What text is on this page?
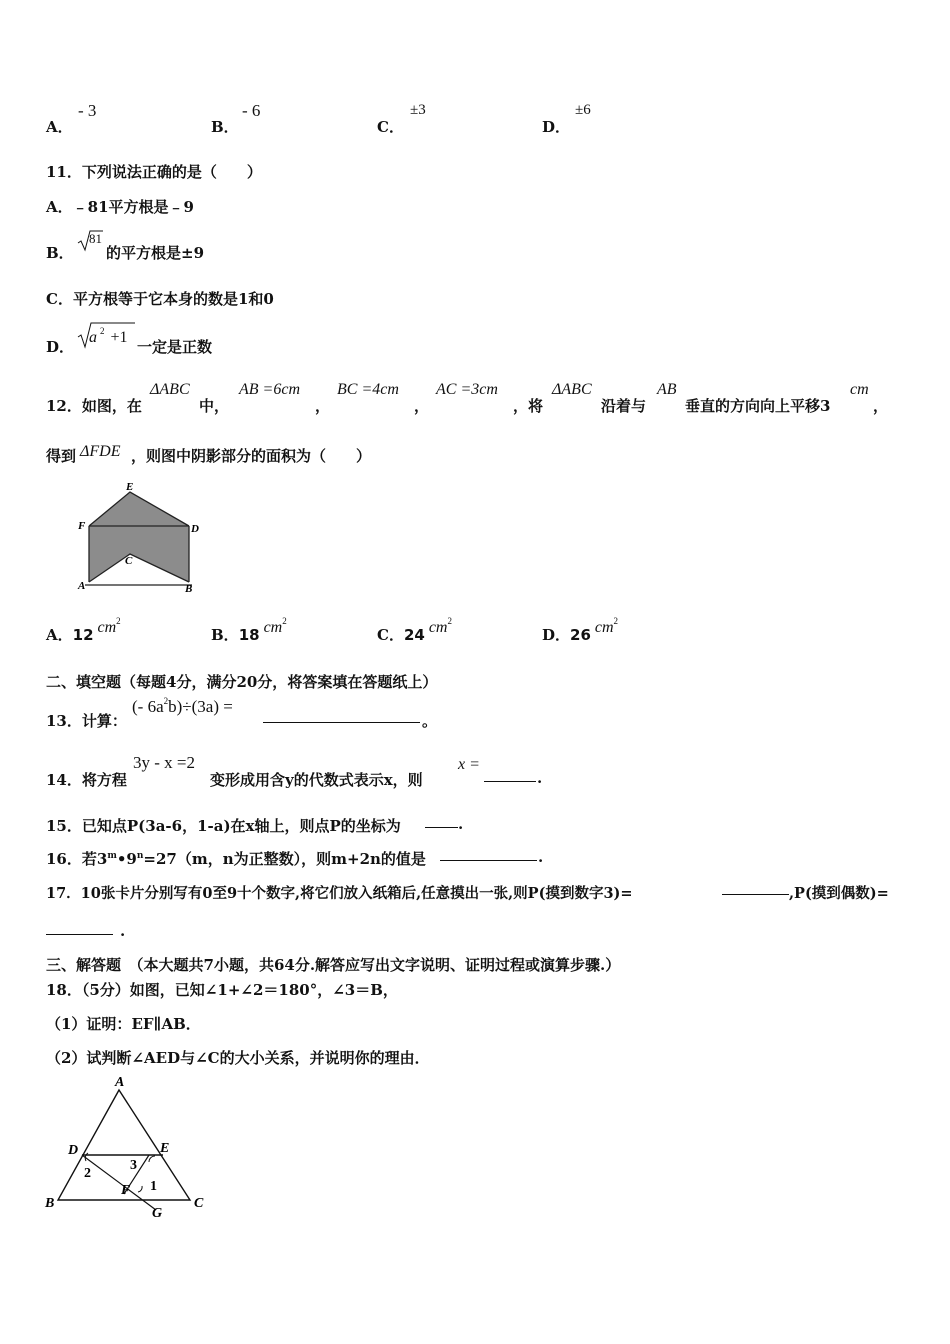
A．
- 3
B．
- 6
C．
±3
D．
±6
11．下列说法正确的是（　　）
A．﹣81平方根是﹣9
B．
81
的平方根是±9
C．平方根等于它本身的数是1和0
D．
a $^2$ +1
一定是正数
12．如图，在
ΔABC
中，
AB =6cm
，
BC =4cm
，
AC =3cm
，将
ΔABC
沿着与
AB
垂直的方向向上平移3
cm
，
得到 ΔFDE ，则图中阴影部分的面积为（　　）
E
F	D
C
A	B
A．12 $cm^2$
B．18 $cm^2$
C．24 $cm^2$
D．26 $cm^2$
二、填空题（每题4分，满分20分，将答案填在答题纸上）
13．计算：
(- $6a^2b)\div(3a)$ =
。
14．将方程
3y - x =2
变形成用含y的代数式表示x，则
x =
.
15．已知点P(3a-6，1-a)在x轴上，则点P的坐标为	.
16．若$3^m•9^n=27(m$，n为正整数），则m+2n的值是	.
17．10张卡片分别写有0至9十个数字,将它们放入纸箱后,任意摸出一张,则P(摸到数字3)=	,P(摸到偶数)=
.
三、解答题　（本大题共7小题，共64分.解答应写出文字说明、证明过程或演算步骤.）
18．（5分）如图，已知∠1+∠2＝180°，∠3＝B，
（1）证明：EF∥AB．
（2）试判断∠AED与∠C的大小关系，并说明你的理由．
A
D	E
2
3
F 1
B
G
C
